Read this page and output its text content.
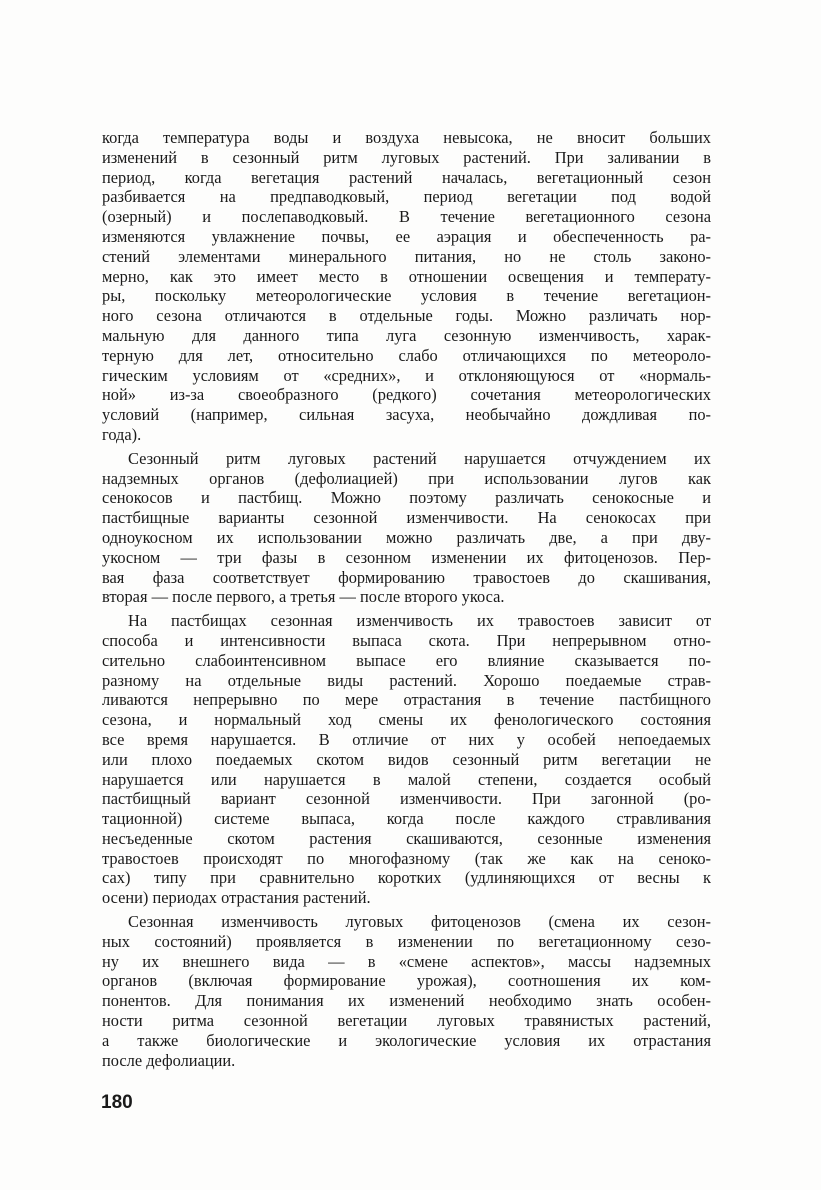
когда температура воды и воздуха невысока, не вносит больших
изменений в сезонный ритм луговых растений. При заливании в
период, когда вегетация растений началась, вегетационный сезон
разбивается на предпаводковый, период вегетации под водой
(озерный) и послепаводковый. В течение вегетационного сезона
изменяются увлажнение почвы, ее аэрация и обеспеченность ра-
стений элементами минерального питания, но не столь законо-
мерно, как это имеет место в отношении освещения и температу-
ры, поскольку метеорологические условия в течение вегетацион-
ного сезона отличаются в отдельные годы. Можно различать нор-
мальную для данного типа луга сезонную изменчивость, харак-
терную для лет, относительно слабо отличающихся по метеороло-
гическим условиям от «средних», и отклоняющуюся от «нормаль-
ной» из-за своеобразного (редкого) сочетания метеорологических
условий (например, сильная засуха, необычайно дождливая по-
года).
Сезонный ритм луговых растений нарушается отчуждением их
надземных органов (дефолиацией) при использовании лугов как
сенокосов и пастбищ. Можно поэтому различать сенокосные и
пастбищные варианты сезонной изменчивости. На сенокосах при
одноукосном их использовании можно различать две, а при дву-
укосном — три фазы в сезонном изменении их фитоценозов. Пер-
вая фаза соответствует формированию травостоев до скашивания,
вторая — после первого, а третья — после второго укоса.
На пастбищах сезонная изменчивость их травостоев зависит от
способа и интенсивности выпаса скота. При непрерывном отно-
сительно слабоинтенсивном выпасе его влияние сказывается по-
разному на отдельные виды растений. Хорошо поедаемые страв-
ливаются непрерывно по мере отрастания в течение пастбищного
сезона, и нормальный ход смены их фенологического состояния
все время нарушается. В отличие от них у особей непоедаемых
или плохо поедаемых скотом видов сезонный ритм вегетации не
нарушается или нарушается в малой степени, создается особый
пастбищный вариант сезонной изменчивости. При загонной (ро-
тационной) системе выпаса, когда после каждого стравливания
несъеденные скотом растения скашиваются, сезонные изменения
травостоев происходят по многофазному (так же как на сеноко-
сах) типу при сравнительно коротких (удлиняющихся от весны к
осени) периодах отрастания растений.
Сезонная изменчивость луговых фитоценозов (смена их сезон-
ных состояний) проявляется в изменении по вегетационному сезо-
ну их внешнего вида — в «смене аспектов», массы надземных
органов (включая формирование урожая), соотношения их ком-
понентов. Для понимания их изменений необходимо знать особен-
ности ритма сезонной вегетации луговых травянистых растений,
а также биологические и экологические условия их отрастания
после дефолиации.
180
